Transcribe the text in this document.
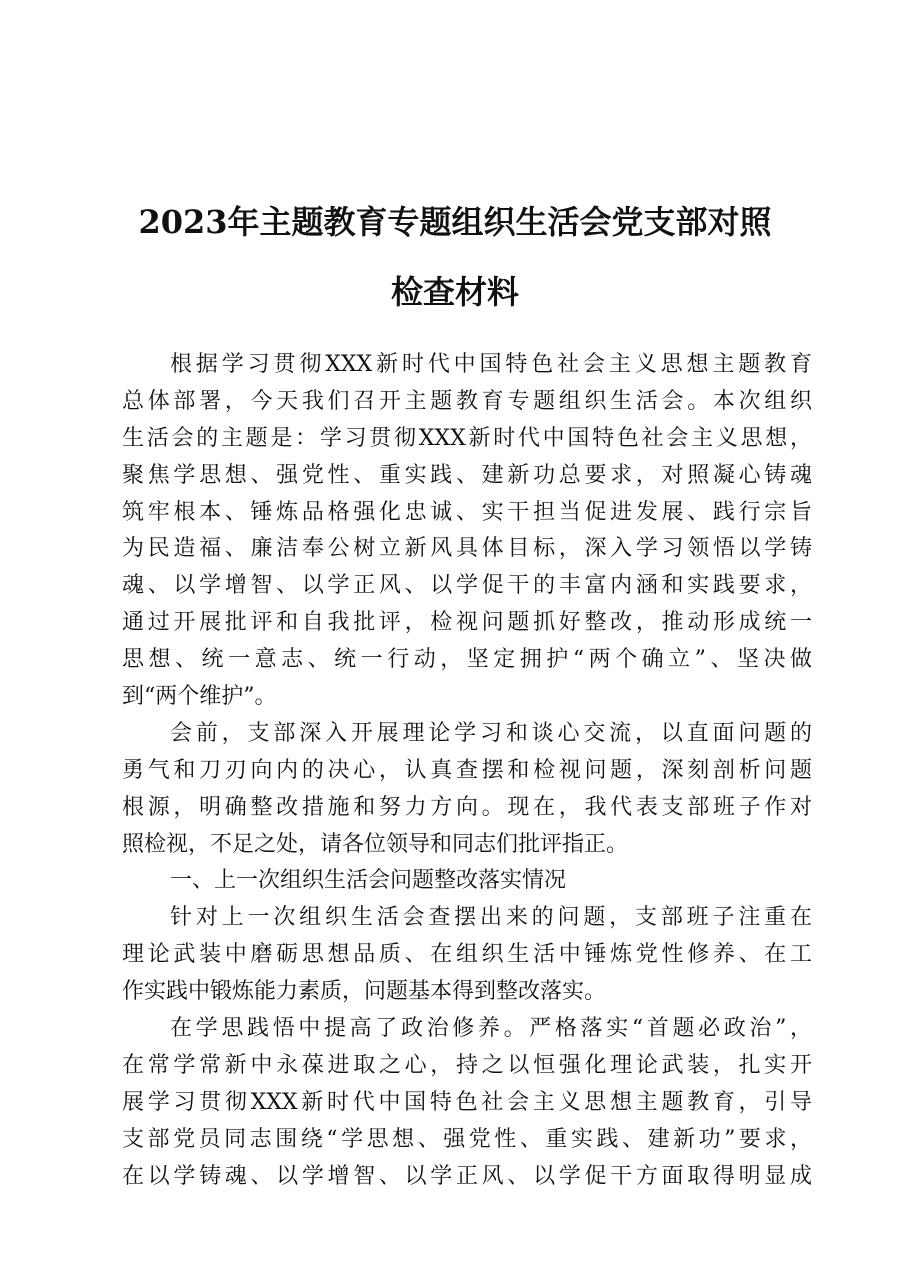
2023年主题教育专题组织生活会党支部对照
检查材料
根据学习贯彻XXX新时代中国特色社会主义思想主题教育
总体部署，今天我们召开主题教育专题组织生活会。本次组织
生活会的主题是：学习贯彻XXX新时代中国特色社会主义思想，
聚焦学思想、强党性、重实践、建新功总要求，对照凝心铸魂
筑牢根本、锤炼品格强化忠诚、实干担当促进发展、践行宗旨
为民造福、廉洁奉公树立新风具体目标，深入学习领悟以学铸
魂、以学增智、以学正风、以学促干的丰富内涵和实践要求，
通过开展批评和自我批评，检视问题抓好整改，推动形成统一
思想、统一意志、统一行动，坚定拥护“两个确立”、坚决做
到“两个维护”。
会前，支部深入开展理论学习和谈心交流，以直面问题的
勇气和刀刃向内的决心，认真查摆和检视问题，深刻剖析问题
根源，明确整改措施和努力方向。现在，我代表支部班子作对
照检视，不足之处，请各位领导和同志们批评指正。
一、上一次组织生活会问题整改落实情况
针对上一次组织生活会查摆出来的问题，支部班子注重在
理论武装中磨砺思想品质、在组织生活中锤炼党性修养、在工
作实践中锻炼能力素质，问题基本得到整改落实。
在学思践悟中提高了政治修养。严格落实“首题必政治”，
在常学常新中永葆进取之心，持之以恒强化理论武装，扎实开
展学习贯彻XXX新时代中国特色社会主义思想主题教育，引导
支部党员同志围绕“学思想、强党性、重实践、建新功”要求，
在以学铸魂、以学增智、以学正风、以学促干方面取得明显成
